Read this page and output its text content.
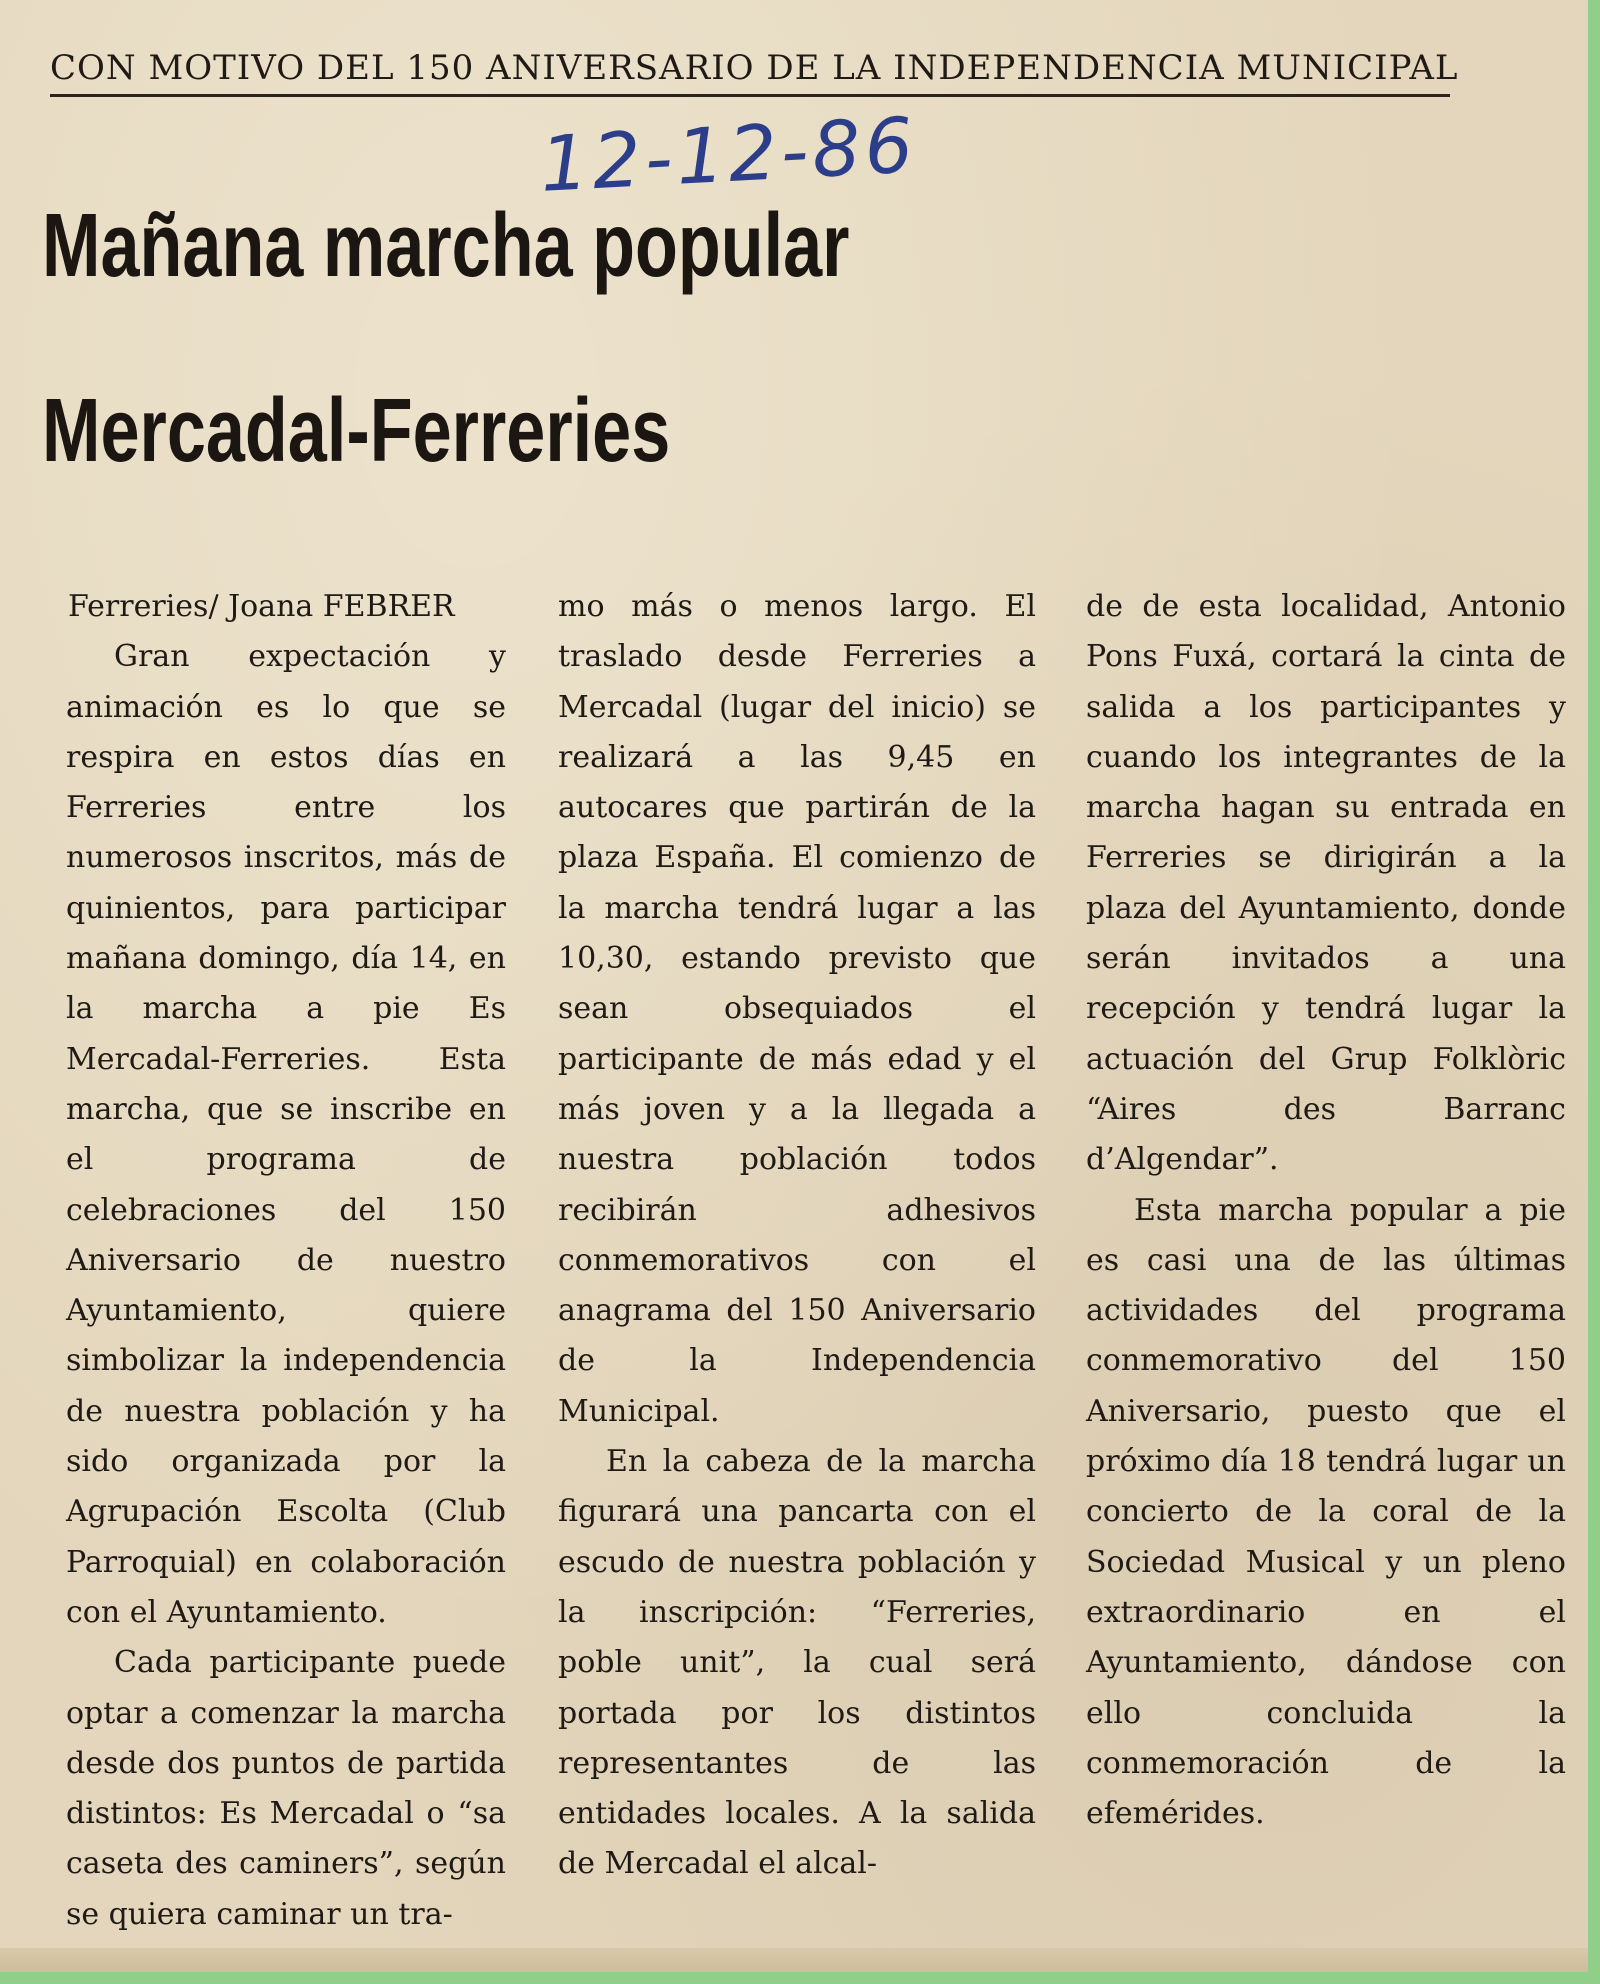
CON MOTIVO DEL 150 ANIVERSARIO DE LA INDEPENDENCIA MUNICIPAL
12-12-86
Mañana marcha popular
Mercadal-Ferreries

Ferreries/ Joana FEBRER

Gran expectación y animación es lo que se respira en estos días en Ferreries entre los numerosos inscritos, más de quinientos, para participar mañana domingo, día 14, en la marcha a pie Es Mercadal-Ferreries. Esta marcha, que se inscribe en el programa de celebraciones del 150 Aniversario de nuestro Ayuntamiento, quiere simbolizar la independencia de nuestra población y ha sido organizada por la Agrupación Escolta (Club Parroquial) en colaboración con el Ayuntamiento.

Cada participante puede optar a comenzar la marcha desde dos puntos de partida distintos: Es Mercadal o “sa caseta des caminers”, según se quiera caminar un tra-

mo más o menos largo. El traslado desde Ferreries a Mercadal (lugar del inicio) se realizará a las 9,45 en autocares que partirán de la plaza España. El comienzo de la marcha tendrá lugar a las 10,30, estando previsto que sean obsequiados el participante de más edad y el más joven y a la llegada a nuestra población todos recibirán adhesivos conmemorativos con el anagrama del 150 Aniversario de la Independencia Municipal.

En la cabeza de la marcha figurará una pancarta con el escudo de nuestra población y la inscripción: “Ferreries, poble unit”, la cual será portada por los distintos representantes de las entidades locales. A la salida de Mercadal el alcal-

de de esta localidad, Antonio Pons Fuxá, cortará la cinta de salida a los participantes y cuando los integrantes de la marcha hagan su entrada en Ferreries se dirigirán a la plaza del Ayuntamiento, donde serán invitados a una recepción y tendrá lugar la actuación del Grup Folklòric “Aires des Barranc d’Algendar”.

Esta marcha popular a pie es casi una de las últimas actividades del programa conmemorativo del 150 Aniversario, puesto que el próximo día 18 tendrá lugar un concierto de la coral de la Sociedad Musical y un pleno extraordinario en el Ayuntamiento, dándose con ello concluida la conmemoración de la efemérides.
